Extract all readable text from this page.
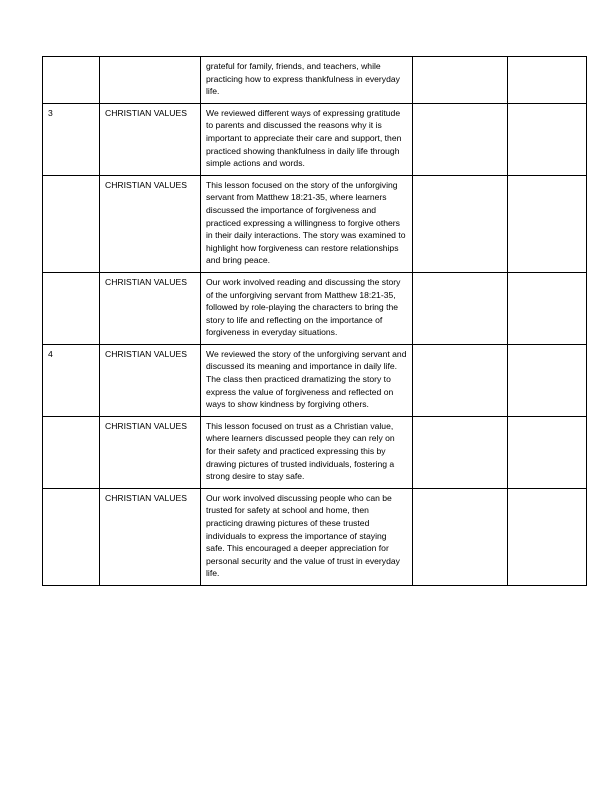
		grateful for family, friends, and teachers, while practicing how to express thankfulness in everyday life.		
3	CHRISTIAN VALUES	We reviewed different ways of expressing gratitude to parents and discussed the reasons why it is important to appreciate their care and support, then practiced showing thankfulness in daily life through simple actions and words.		
	CHRISTIAN VALUES	This lesson focused on the story of the unforgiving servant from Matthew 18:21-35, where learners discussed the importance of forgiveness and practiced expressing a willingness to forgive others in their daily interactions. The story was examined to highlight how forgiveness can restore relationships and bring peace.		
	CHRISTIAN VALUES	Our work involved reading and discussing the story of the unforgiving servant from Matthew 18:21-35, followed by role-playing the characters to bring the story to life and reflecting on the importance of forgiveness in everyday situations.		
4	CHRISTIAN VALUES	We reviewed the story of the unforgiving servant and discussed its meaning and importance in daily life. The class then practiced dramatizing the story to express the value of forgiveness and reflected on ways to show kindness by forgiving others.		
	CHRISTIAN VALUES	This lesson focused on trust as a Christian value, where learners discussed people they can rely on for their safety and practiced expressing this by drawing pictures of trusted individuals, fostering a strong desire to stay safe.		
	CHRISTIAN VALUES	Our work involved discussing people who can be trusted for safety at school and home, then practicing drawing pictures of these trusted individuals to express the importance of staying safe. This encouraged a deeper appreciation for personal security and the value of trust in everyday life.		
